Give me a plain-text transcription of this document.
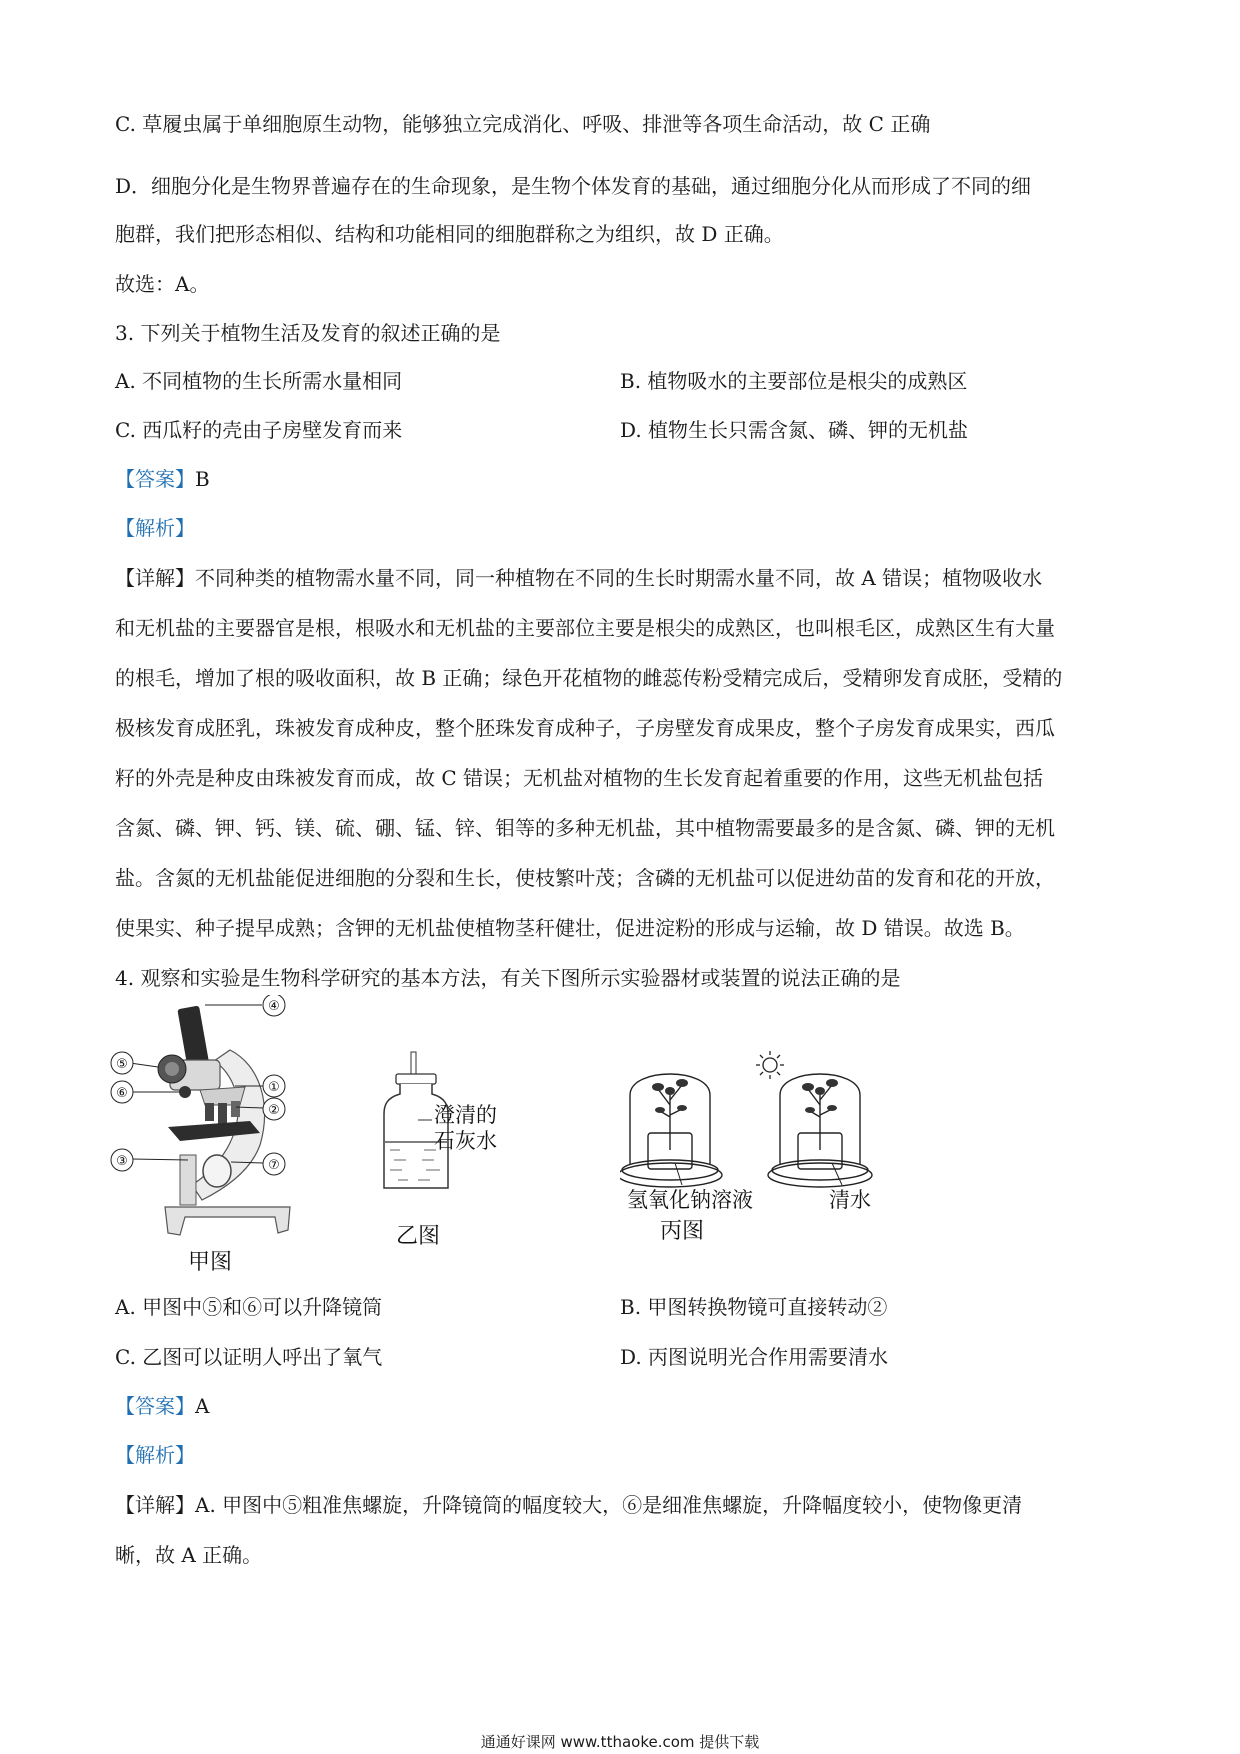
C. 草履虫属于单细胞原生动物，能够独立完成消化、呼吸、排泄等各项生命活动，故 C 正确
D．细胞分化是生物界普遍存在的生命现象，是生物个体发育的基础，通过细胞分化从而形成了不同的细
胞群，我们把形态相似、结构和功能相同的细胞群称之为组织，故 D 正确。
故选：A。
3. 下列关于植物生活及发育的叙述正确的是
A. 不同植物的生长所需水量相同	B. 植物吸水的主要部位是根尖的成熟区
C. 西瓜籽的壳由子房壁发育而来	D. 植物生长只需含氮、磷、钾的无机盐
【答案】B
【解析】
【详解】不同种类的植物需水量不同，同一种植物在不同的生长时期需水量不同，故 A 错误；植物吸收水
和无机盐的主要器官是根，根吸水和无机盐的主要部位主要是根尖的成熟区，也叫根毛区，成熟区生有大量
的根毛，增加了根的吸收面积，故 B 正确；绿色开花植物的雌蕊传粉受精完成后，受精卵发育成胚，受精的
极核发育成胚乳，珠被发育成种皮，整个胚珠发育成种子，子房壁发育成果皮，整个子房发育成果实，西瓜
籽的外壳是种皮由珠被发育而成，故 C 错误；无机盐对植物的生长发育起着重要的作用，这些无机盐包括
含氮、磷、钾、钙、镁、硫、硼、锰、锌、钼等的多种无机盐，其中植物需要最多的是含氮、磷、钾的无机
盐。含氮的无机盐能促进细胞的分裂和生长，使枝繁叶茂；含磷的无机盐可以促进幼苗的发育和花的开放，
使果实、种子提早成熟；含钾的无机盐使植物茎秆健壮，促进淀粉的形成与运输，故 D 错误。故选 B。
4. 观察和实验是生物科学研究的基本方法，有关下图所示实验器材或装置的说法正确的是
④
⑤
⑥	①
②
③	⑦
甲图
澄清的
石灰水
乙图
氢氧化钠溶液	清水
丙图
A. 甲图中⑤和⑥可以升降镜筒	B. 甲图转换物镜可直接转动②
C. 乙图可以证明人呼出了氧气	D. 丙图说明光合作用需要清水
【答案】A
【解析】
【详解】A. 甲图中⑤粗准焦螺旋，升降镜筒的幅度较大，⑥是细准焦螺旋，升降幅度较小，使物像更清
晰，故 A 正确。
通通好课网 www.tthaoke.com 提供下载
